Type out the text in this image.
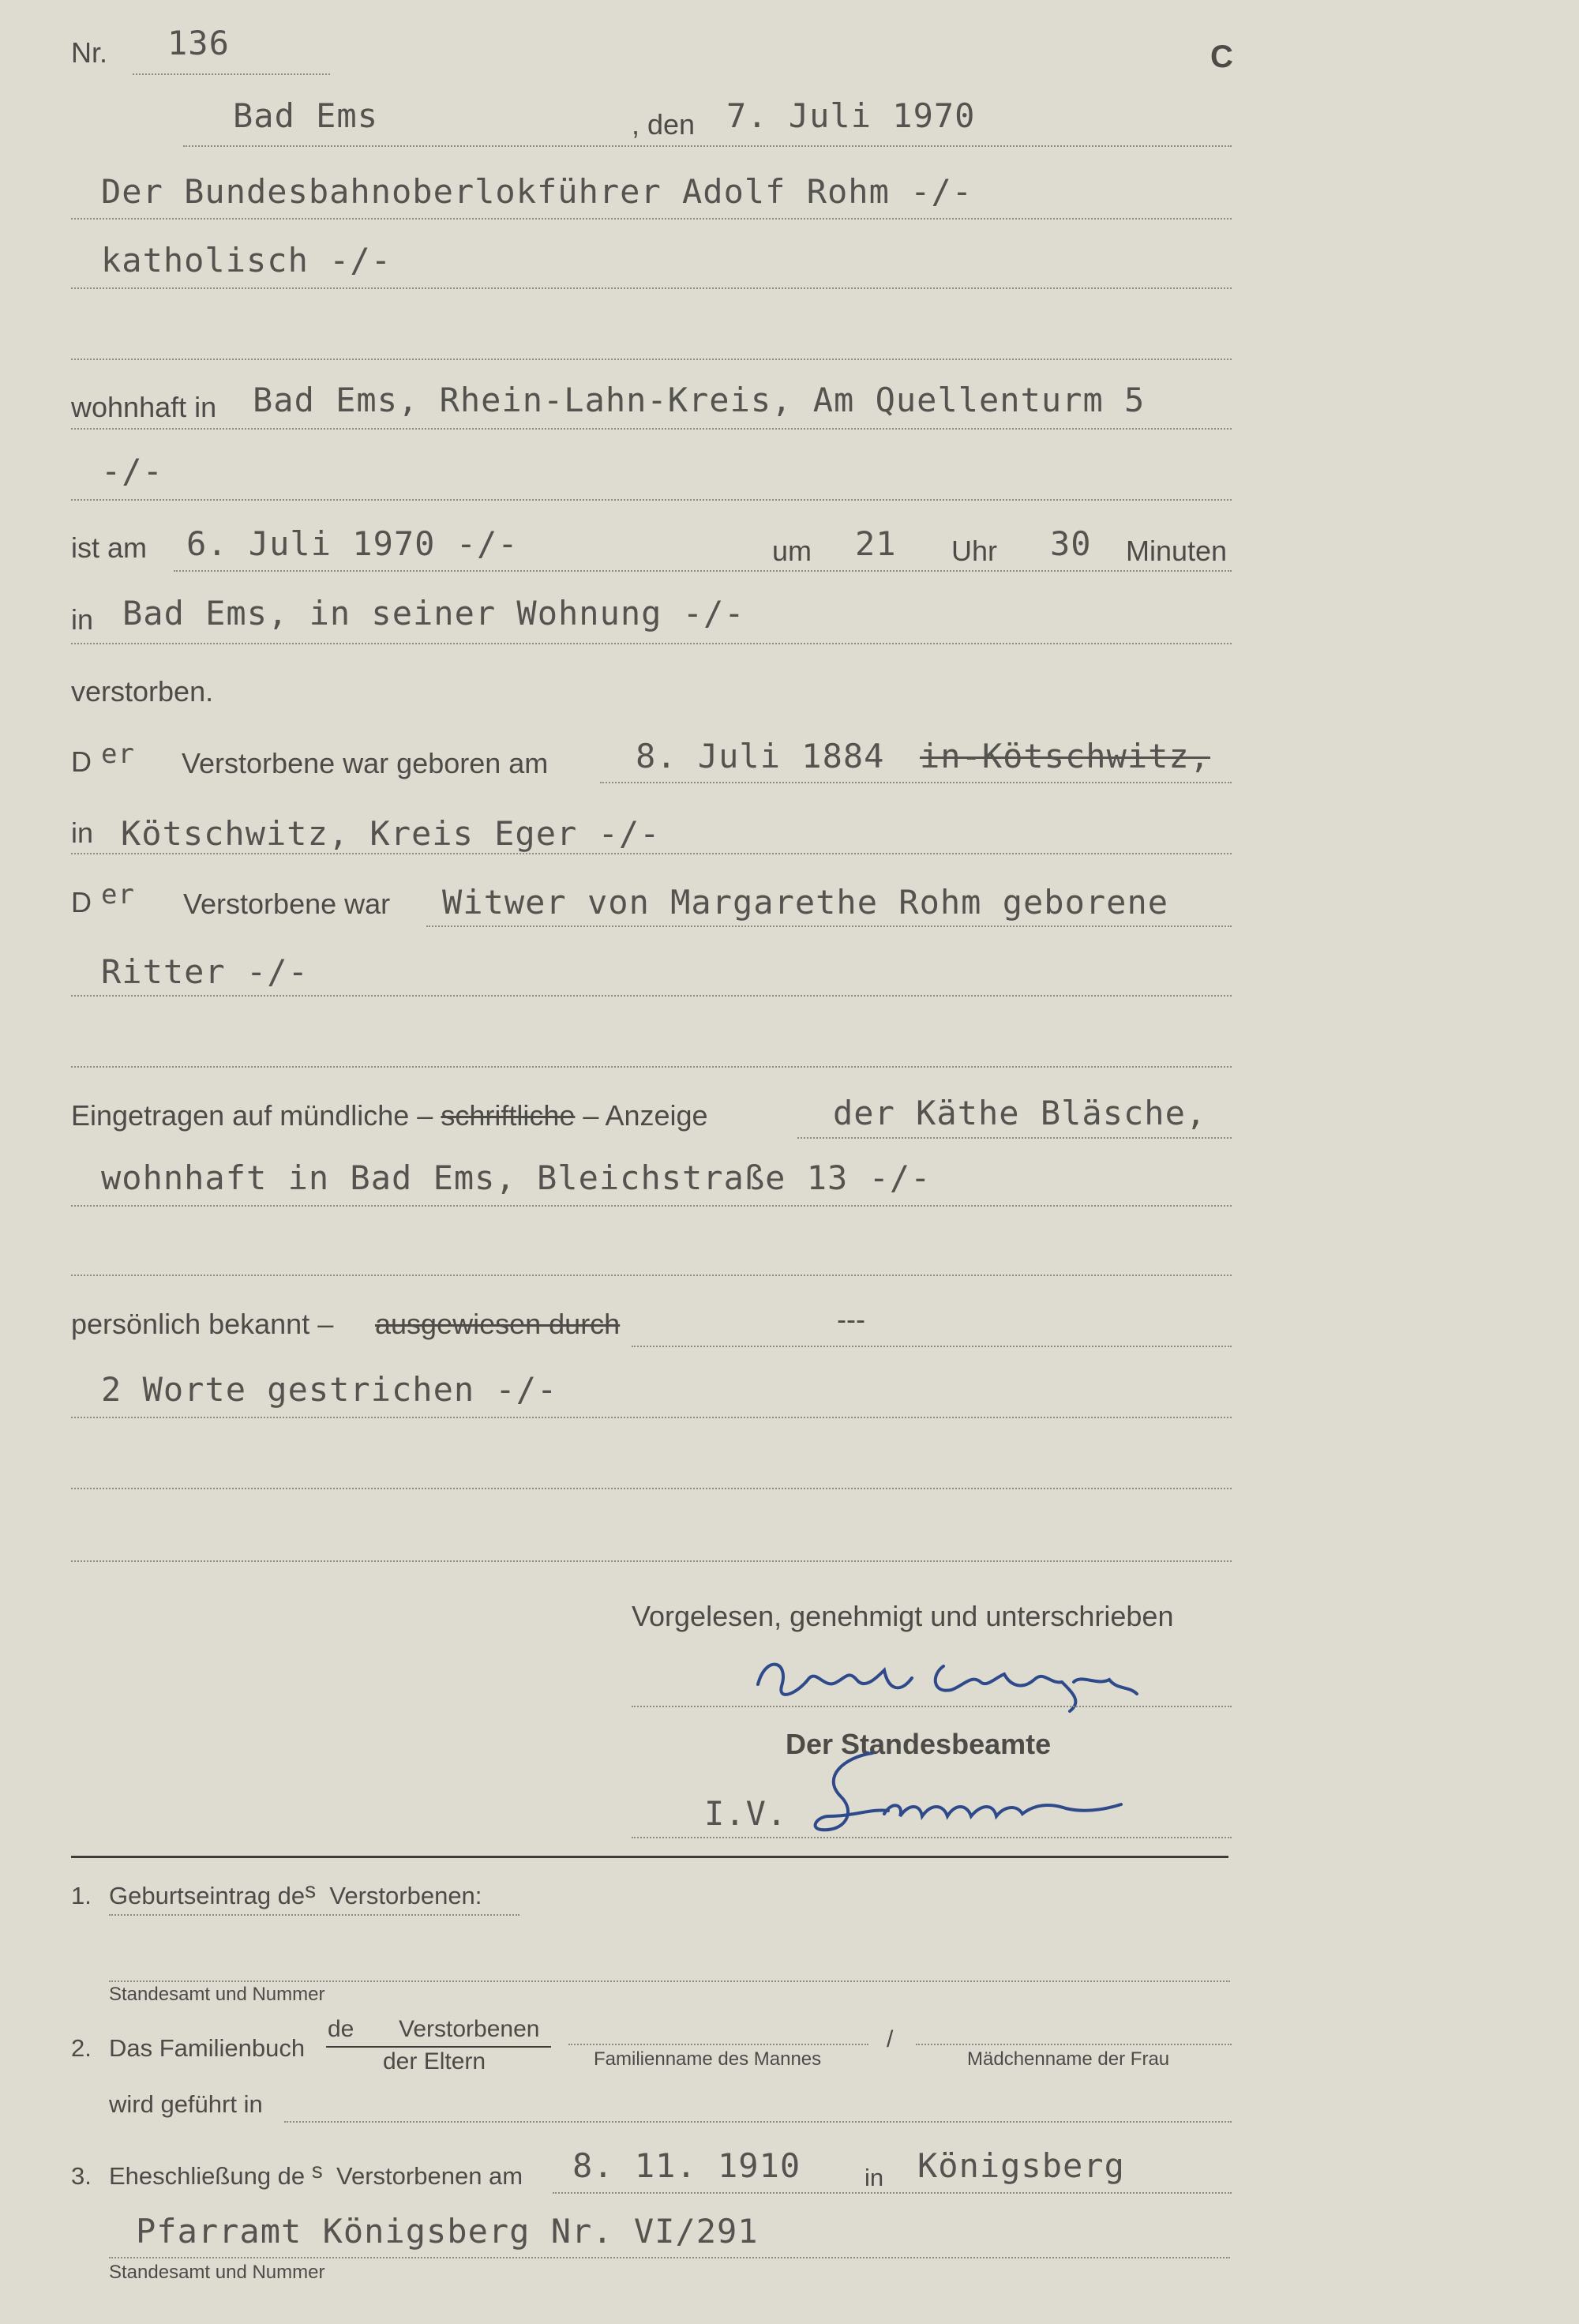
Nr. 136	C
Bad Ems	, den 7. Juli 1970
Der Bundesbahnoberlokführer Adolf Rohm -/-
katholisch -/-
wohnhaft in Bad Ems, Rhein-Lahn-Kreis, Am Quellenturm 5
-/-
ist am 6. Juli 1970 -/-	um 21 Uhr 30 Minuten
in Bad Ems, in seiner Wohnung -/-
verstorben.
D er Verstorbene war geboren am	8. Juli 1884 in-Kötschwitz,
in Kötschwitz, Kreis Eger -/-
D er Verstorbene war Witwer von Margarethe Rohm geborene
Ritter -/-
Eingetragen auf mündliche – schriftliche – Anzeige	der Käthe Bläsche,
wohnhaft in Bad Ems, Bleichstraße 13 -/-
persönlich bekannt – ausgewiesen durch	---
2 Worte gestrichen -/-
Vorgelesen, genehmigt und unterschrieben
Der Standesbeamte
I.V.
1. Geburtseintrag des Verstorbenen:
Standesamt und Nummer
2. Das Familienbuch
de Verstorbenen
der Eltern	Familienname des Mannes
/
Mädchenname der Frau
wird geführt in
3. Eheschließung de s Verstorbenen am 8. 11. 1910	in Königsberg
Pfarramt Königsberg Nr. VI/291
Standesamt und Nummer
